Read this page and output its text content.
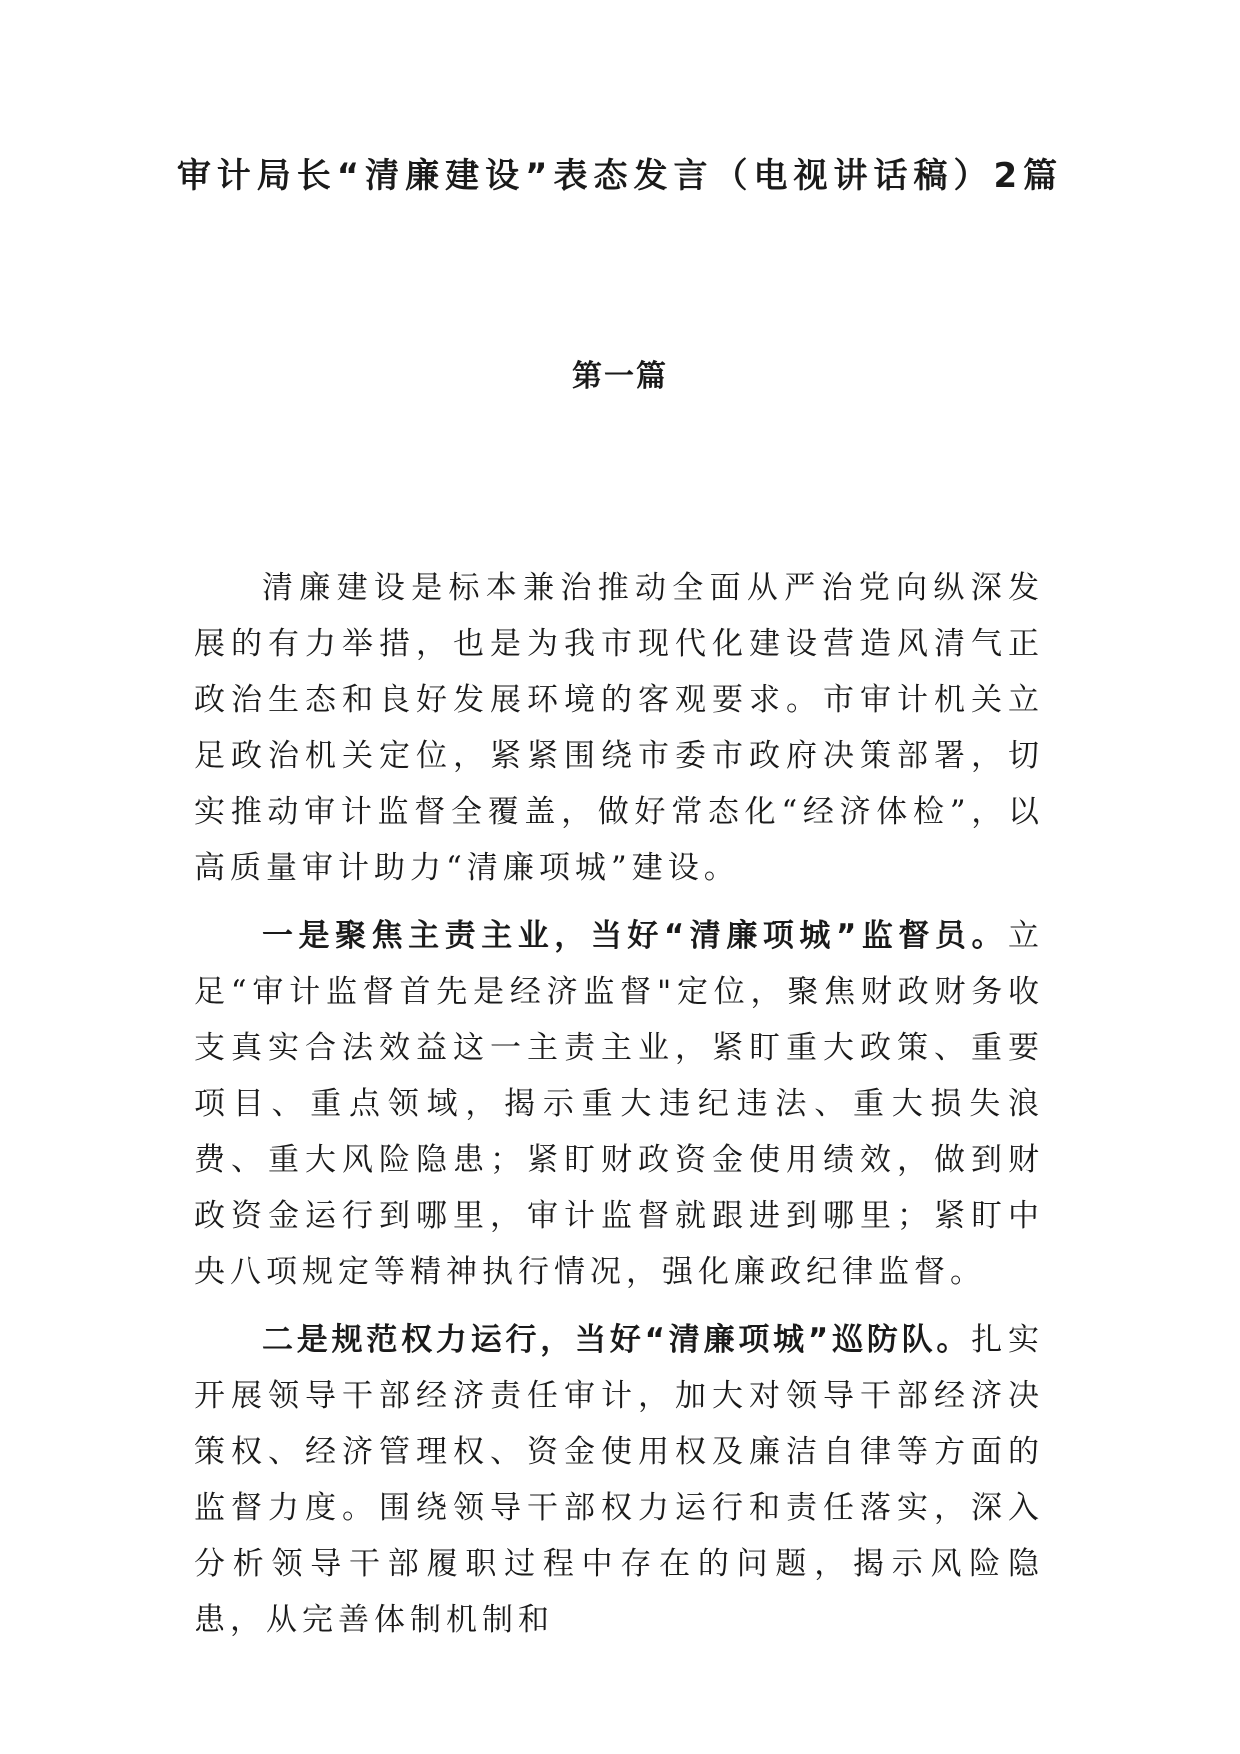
审计局长“清廉建设”表态发言（电视讲话稿）2篇
第一篇

清廉建设是标本兼治推动全面从严治党向纵深发展的有力举措，也是为我市现代化建设营造风清气正政治生态和良好发展环境的客观要求。市审计机关立足政治机关定位，紧紧围绕市委市政府决策部署，切实推动审计监督全覆盖，做好常态化“经济体检”，以高质量审计助力“清廉项城”建设。

一是聚焦主责主业，当好“清廉项城”监督员。立足“审计监督首先是经济监督"定位，聚焦财政财务收支真实合法效益这一主责主业，紧盯重大政策、重要项目、重点领域，揭示重大违纪违法、重大损失浪费、重大风险隐患；紧盯财政资金使用绩效，做到财政资金运行到哪里，审计监督就跟进到哪里；紧盯中央八项规定等精神执行情况，强化廉政纪律监督。

二是规范权力运行，当好“清廉项城”巡防队。扎实开展领导干部经济责任审计，加大对领导干部经济决策权、经济管理权、资金使用权及廉洁自律等方面的监督力度。围绕领导干部权力运行和责任落实，深入分析领导干部履职过程中存在的问题，揭示风险隐患，从完善体制机制和
